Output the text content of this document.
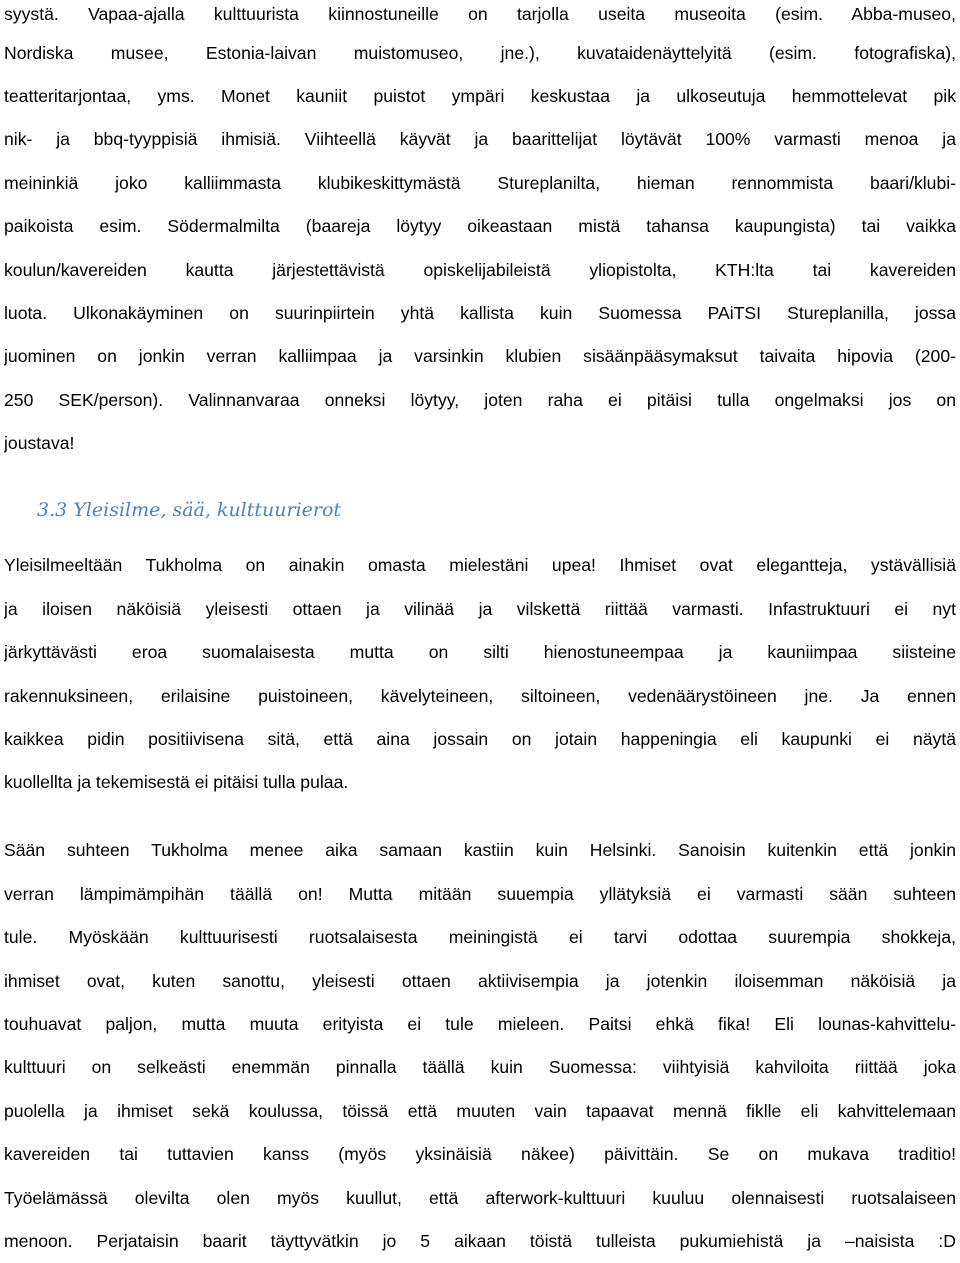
syystä. Vapaa-ajalla kulttuurista kiinnostuneille on tarjolla useita museoita (esim. Abba-museo,
Nordiska musee, Estonia-laivan muistomuseo, jne.), kuvataidenäyttelyitä (esim. fotografiska),
teatteritarjontaa, yms. Monet kauniit puistot ympäri keskustaa ja ulkoseutuja hemmottelevat pik
nik- ja bbq-tyyppisiä ihmisiä. Viihteellä käyvät ja baarittelijat löytävät 100% varmasti menoa ja
meininkiä joko kalliimmasta klubikeskittymästä Stureplanilta, hieman rennommista baari/klubi-
paikoista esim. Södermalmilta (baareja löytyy oikeastaan mistä tahansa kaupungista) tai vaikka
koulun/kavereiden kautta järjestettävistä opiskelijabileistä yliopistolta, KTH:lta tai kavereiden
luota. Ulkonakäyminen on suurinpiirtein yhtä kallista kuin Suomessa PAiTSI Stureplanilla, jossa
juominen on jonkin verran kalliimpaa ja varsinkin klubien sisäänpääsymaksut taivaita hipovia (200-
250 SEK/person). Valinnanvaraa onneksi löytyy, joten raha ei pitäisi tulla ongelmaksi jos on
joustava!
3.3 Yleisilme, sää, kulttuurierot
Yleisilmeeltään Tukholma on ainakin omasta mielestäni upea! Ihmiset ovat elegantteja, ystävällisiä
ja iloisen näköisiä yleisesti ottaen ja vilinää ja vilskettä riittää varmasti. Infastruktuuri ei nyt
järkyttävästi eroa suomalaisesta mutta on silti hienostuneempaa ja kauniimpaa siisteine
rakennuksineen, erilaisine puistoineen, kävelyteineen, siltoineen, vedenäärystöineen jne. Ja ennen
kaikkea pidin positiivisena sitä, että aina jossain on jotain happeningia eli kaupunki ei näytä
kuollellta ja tekemisestä ei pitäisi tulla pulaa.
Sään suhteen Tukholma menee aika samaan kastiin kuin Helsinki. Sanoisin kuitenkin että jonkin
verran lämpimämpihän täällä on! Mutta mitään suuempia yllätyksiä ei varmasti sään suhteen
tule. Myöskään kulttuurisesti ruotsalaisesta meiningistä ei tarvi odottaa suurempia shokkeja,
ihmiset ovat, kuten sanottu, yleisesti ottaen aktiivisempia ja jotenkin iloisemman näköisiä ja
touhuavat paljon, mutta muuta erityista ei tule mieleen. Paitsi ehkä fika! Eli lounas-kahvittelu-
kulttuuri on selkeästi enemmän pinnalla täällä kuin Suomessa: viihtyisiä kahviloita riittää joka
puolella ja ihmiset sekä koulussa, töissä että muuten vain tapaavat mennä fiklle eli kahvittelemaan
kavereiden tai tuttavien kanss (myös yksinäisiä näkee) päivittäin. Se on mukava traditio!
Työelämässä olevilta olen myös kuullut, että afterwork-kulttuuri kuuluu olennaisesti ruotsalaiseen
menoon. Perjataisin baarit täyttyvätkin jo 5 aikaan töistä tulleista pukumiehistä ja –naisista :D
